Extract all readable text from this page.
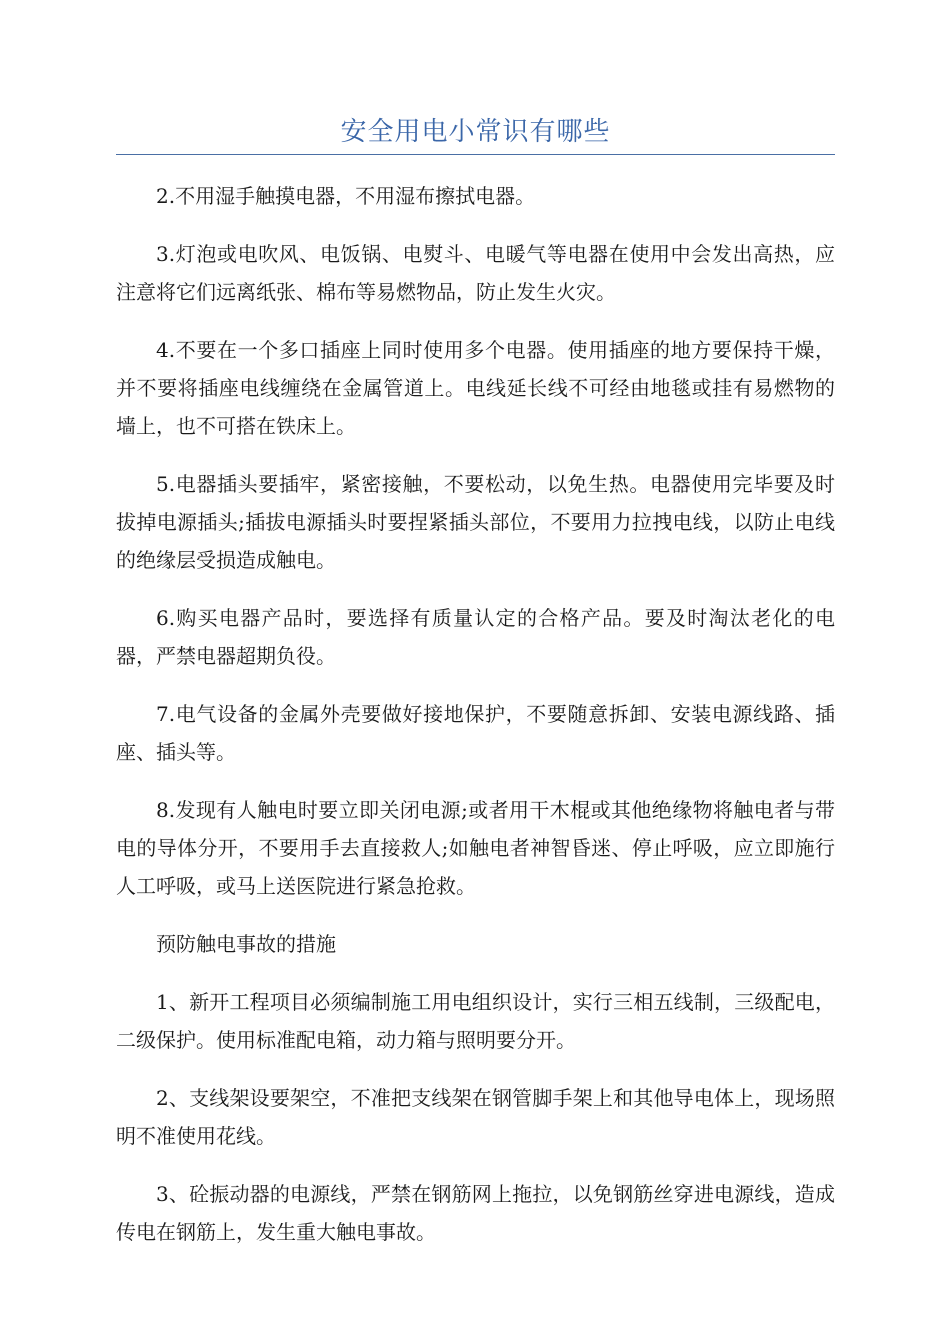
安全用电小常识有哪些

2.不用湿手触摸电器，不用湿布擦拭电器。

3.灯泡或电吹风、电饭锅、电熨斗、电暖气等电器在使用中会发出高热，应注意将它们远离纸张、棉布等易燃物品，防止发生火灾。

4.不要在一个多口插座上同时使用多个电器。使用插座的地方要保持干燥，并不要将插座电线缠绕在金属管道上。电线延长线不可经由地毯或挂有易燃物的墙上，也不可搭在铁床上。

5.电器插头要插牢，紧密接触，不要松动，以免生热。电器使用完毕要及时拔掉电源插头;插拔电源插头时要捏紧插头部位，不要用力拉拽电线，以防止电线的绝缘层受损造成触电。

6.购买电器产品时，要选择有质量认定的合格产品。要及时淘汰老化的电器，严禁电器超期负役。

7.电气设备的金属外壳要做好接地保护，不要随意拆卸、安装电源线路、插座、插头等。

8.发现有人触电时要立即关闭电源;或者用干木棍或其他绝缘物将触电者与带电的导体分开，不要用手去直接救人;如触电者神智昏迷、停止呼吸，应立即施行人工呼吸，或马上送医院进行紧急抢救。

预防触电事故的措施

1、新开工程项目必须编制施工用电组织设计，实行三相五线制，三级配电，二级保护。使用标准配电箱，动力箱与照明要分开。

2、支线架设要架空，不准把支线架在钢管脚手架上和其他导电体上，现场照明不准使用花线。

3、砼振动器的电源线，严禁在钢筋网上拖拉，以免钢筋丝穿进电源线，造成传电在钢筋上，发生重大触电事故。
